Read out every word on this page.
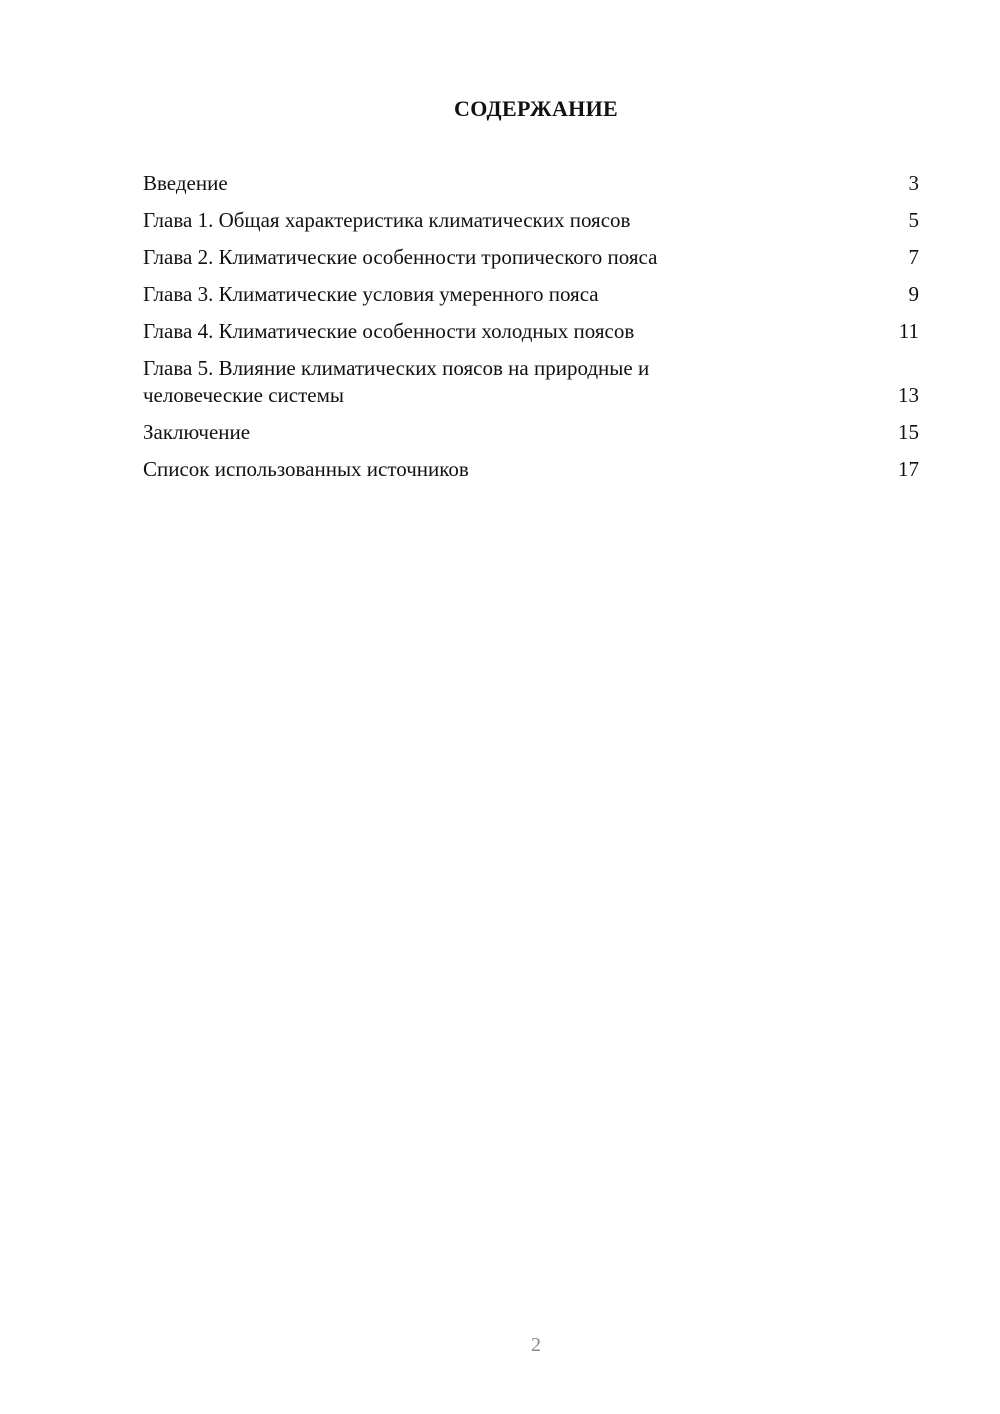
СОДЕРЖАНИЕ
Введение	3
Глава 1. Общая характеристика климатических поясов	5
Глава 2. Климатические особенности тропического пояса	7
Глава 3. Климатические условия умеренного пояса	9
Глава 4. Климатические особенности холодных поясов	11
Глава 5. Влияние климатических поясов на природные и человеческие системы	13
Заключение	15
Список использованных источников	17
2
